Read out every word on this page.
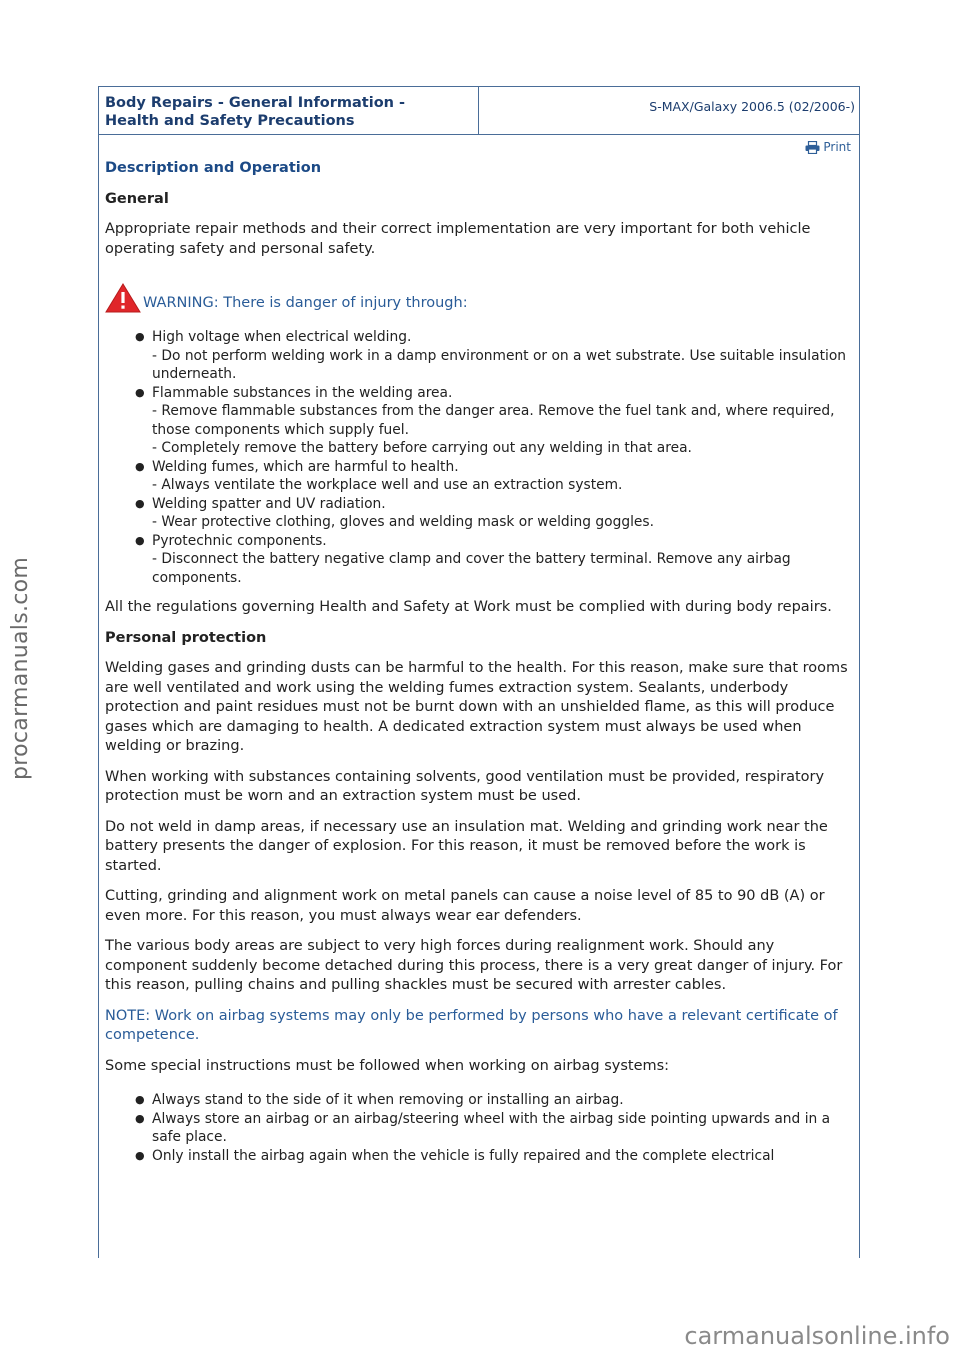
procarmanuals.com
Body Repairs - General Information -
Health and Safety Precautions
S-MAX/Galaxy 2006.5 (02/2006-)
Print

Description and Operation

General

Appropriate repair methods and their correct implementation are very important for both vehicle operating safety and personal safety.

WARNING: There is danger of injury through:
● High voltage when electrical welding.
- Do not perform welding work in a damp environment or on a wet substrate. Use suitable insulation underneath.
● Flammable substances in the welding area.
- Remove flammable substances from the danger area. Remove the fuel tank and, where required, those components which supply fuel.
- Completely remove the battery before carrying out any welding in that area.
● Welding fumes, which are harmful to health.
- Always ventilate the workplace well and use an extraction system.
● Welding spatter and UV radiation.
- Wear protective clothing, gloves and welding mask or welding goggles.
● Pyrotechnic components.
- Disconnect the battery negative clamp and cover the battery terminal. Remove any airbag components.

All the regulations governing Health and Safety at Work must be complied with during body repairs.

Personal protection

Welding gases and grinding dusts can be harmful to the health. For this reason, make sure that rooms are well ventilated and work using the welding fumes extraction system. Sealants, underbody protection and paint residues must not be burnt down with an unshielded flame, as this will produce gases which are damaging to health. A dedicated extraction system must always be used when welding or brazing.

When working with substances containing solvents, good ventilation must be provided, respiratory protection must be worn and an extraction system must be used.

Do not weld in damp areas, if necessary use an insulation mat. Welding and grinding work near the battery presents the danger of explosion. For this reason, it must be removed before the work is started.

Cutting, grinding and alignment work on metal panels can cause a noise level of 85 to 90 dB (A) or even more. For this reason, you must always wear ear defenders.

The various body areas are subject to very high forces during realignment work. Should any component suddenly become detached during this process, there is a very great danger of injury. For this reason, pulling chains and pulling shackles must be secured with arrester cables.

NOTE: Work on airbag systems may only be performed by persons who have a relevant certificate of competence.

Some special instructions must be followed when working on airbag systems:

● Always stand to the side of it when removing or installing an airbag.
● Always store an airbag or an airbag/steering wheel with the airbag side pointing upwards and in a safe place.
● Only install the airbag again when the vehicle is fully repaired and the complete electrical
carmanualsonline.info
